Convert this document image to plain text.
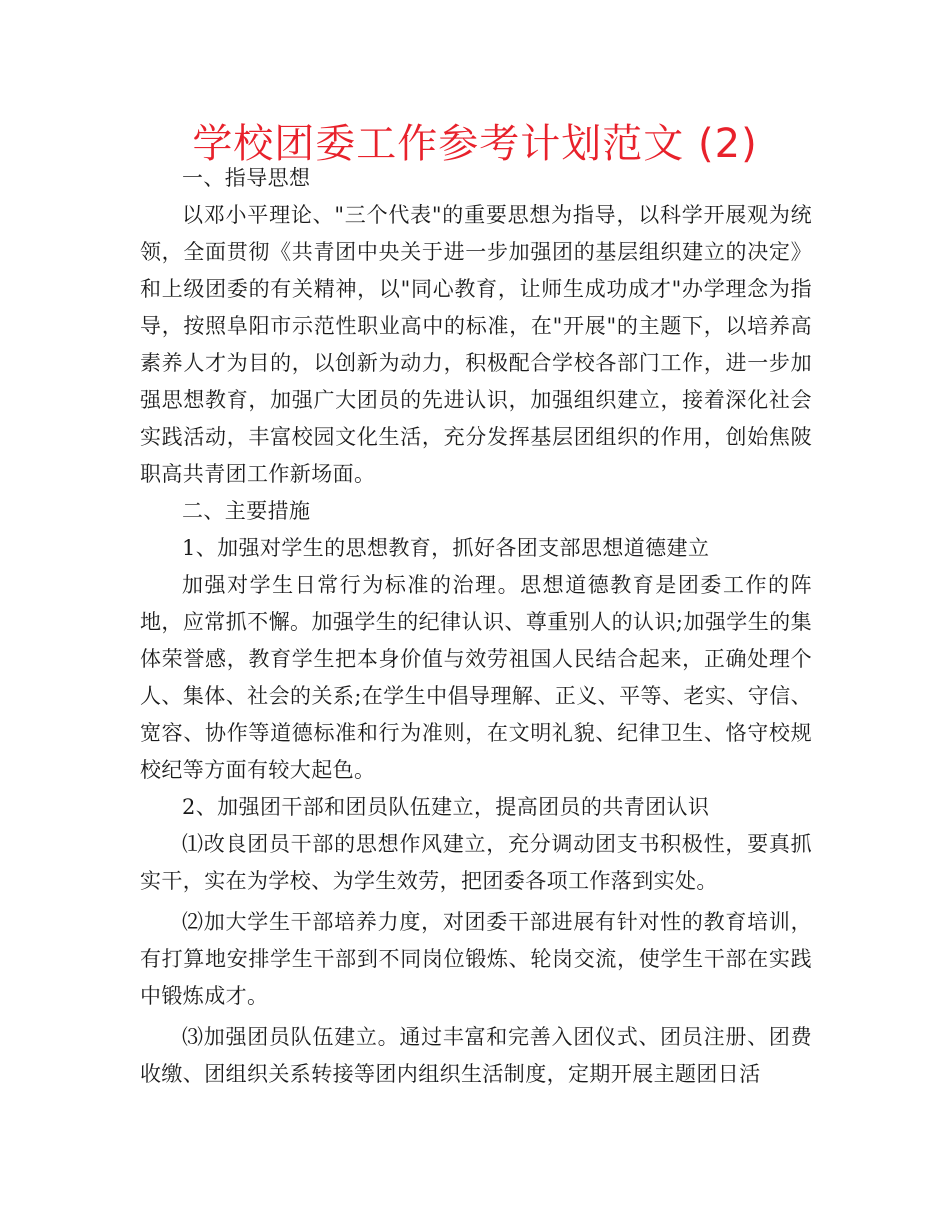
学校团委工作参考计划范文 (2)

一、指导思想

以邓小平理论、"三个代表"的重要思想为指导，以科学开展观为统领，全面贯彻《共青团中央关于进一步加强团的基层组织建立的决定》和上级团委的有关精神，以"同心教育，让师生成功成才"办学理念为指导，按照阜阳市示范性职业高中的标准，在"开展"的主题下，以培养高素养人才为目的，以创新为动力，积极配合学校各部门工作，进一步加强思想教育，加强广大团员的先进认识，加强组织建立，接着深化社会实践活动，丰富校园文化生活，充分发挥基层团组织的作用，创始焦陂职高共青团工作新场面。

二、主要措施

1、加强对学生的思想教育，抓好各团支部思想道德建立

加强对学生日常行为标准的治理。思想道德教育是团委工作的阵地，应常抓不懈。加强学生的纪律认识、尊重别人的认识;加强学生的集体荣誉感，教育学生把本身价值与效劳祖国人民结合起来，正确处理个人、集体、社会的关系;在学生中倡导理解、正义、平等、老实、守信、宽容、协作等道德标准和行为准则，在文明礼貌、纪律卫生、恪守校规校纪等方面有较大起色。

2、加强团干部和团员队伍建立，提高团员的共青团认识

⑴改良团员干部的思想作风建立，充分调动团支书积极性，要真抓实干，实在为学校、为学生效劳，把团委各项工作落到实处。

⑵加大学生干部培养力度，对团委干部进展有针对性的教育培训，有打算地安排学生干部到不同岗位锻炼、轮岗交流，使学生干部在实践中锻炼成才。

⑶加强团员队伍建立。通过丰富和完善入团仪式、团员注册、团费收缴、团组织关系转接等团内组织生活制度，定期开展主题团日活
